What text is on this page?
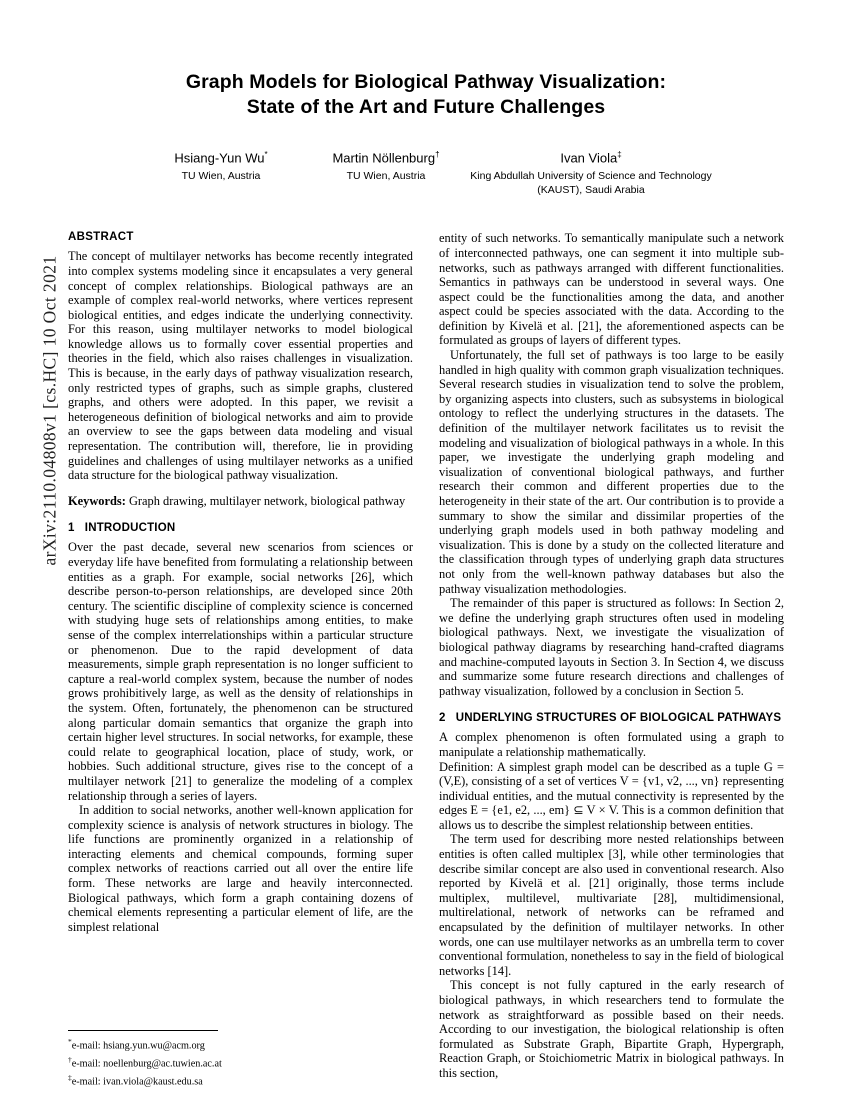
arXiv:2110.04808v1 [cs.HC] 10 Oct 2021
Graph Models for Biological Pathway Visualization:
State of the Art and Future Challenges
Hsiang-Yun Wu*
TU Wien, Austria
Martin Nöllenburg†
TU Wien, Austria
Ivan Viola‡
King Abdullah University of Science and Technology (KAUST), Saudi Arabia
ABSTRACT

The concept of multilayer networks has become recently integrated into complex systems modeling since it encapsulates a very general concept of complex relationships. Biological pathways are an example of complex real-world networks, where vertices represent biological entities, and edges indicate the underlying connectivity. For this reason, using multilayer networks to model biological knowledge allows us to formally cover essential properties and theories in the field, which also raises challenges in visualization. This is because, in the early days of pathway visualization research, only restricted types of graphs, such as simple graphs, clustered graphs, and others were adopted. In this paper, we revisit a heterogeneous definition of biological networks and aim to provide an overview to see the gaps between data modeling and visual representation. The contribution will, therefore, lie in providing guidelines and challenges of using multilayer networks as a unified data structure for the biological pathway visualization.

Keywords: Graph drawing, multilayer network, biological pathway
1 INTRODUCTION

Over the past decade, several new scenarios from sciences or everyday life have benefited from formulating a relationship between entities as a graph. For example, social networks [26], which describe person-to-person relationships, are developed since 20th century. The scientific discipline of complexity science is concerned with studying huge sets of relationships among entities, to make sense of the complex interrelationships within a particular structure or phenomenon. Due to the rapid development of data measurements, simple graph representation is no longer sufficient to capture a real-world complex system, because the number of nodes grows prohibitively large, as well as the density of relationships in the system. Often, fortunately, the phenomenon can be structured along particular domain semantics that organize the graph into certain higher level structures. In social networks, for example, these could relate to geographical location, place of study, work, or hobbies. Such additional structure, gives rise to the concept of a multilayer network [21] to generalize the modeling of a complex relationship through a series of layers.

In addition to social networks, another well-known application for complexity science is analysis of network structures in biology. The life functions are prominently organized in a relationship of interacting elements and chemical compounds, forming super complex networks of reactions carried out all over the entire life form. These networks are large and heavily interconnected. Biological pathways, which form a graph containing dozens of chemical elements representing a particular element of life, are the simplest relational

*e-mail: hsiang.yun.wu@acm.org
†e-mail: noellenburg@ac.tuwien.ac.at
‡e-mail: ivan.viola@kaust.edu.sa

entity of such networks. To semantically manipulate such a network of interconnected pathways, one can segment it into multiple sub-networks, such as pathways arranged with different functionalities. Semantics in pathways can be understood in several ways. One aspect could be the functionalities among the data, and another aspect could be species associated with the data. According to the definition by Kivelä et al. [21], the aforementioned aspects can be formulated as groups of layers of different types.

Unfortunately, the full set of pathways is too large to be easily handled in high quality with common graph visualization techniques. Several research studies in visualization tend to solve the problem, by organizing aspects into clusters, such as subsystems in biological ontology to reflect the underlying structures in the datasets. The definition of the multilayer network facilitates us to revisit the modeling and visualization of biological pathways in a whole. In this paper, we investigate the underlying graph modeling and visualization of conventional biological pathways, and further research their common and different properties due to the heterogeneity in their state of the art. Our contribution is to provide a summary to show the similar and dissimilar properties of the underlying graph models used in both pathway modeling and visualization. This is done by a study on the collected literature and the classification through types of underlying graph data structures not only from the well-known pathway databases but also the pathway visualization methodologies.

The remainder of this paper is structured as follows: In Section 2, we define the underlying graph structures often used in modeling biological pathways. Next, we investigate the visualization of biological pathway diagrams by researching hand-crafted diagrams and machine-computed layouts in Section 3. In Section 4, we discuss and summarize some future research directions and challenges of pathway visualization, followed by a conclusion in Section 5.

2 UNDERLYING STRUCTURES OF BIOLOGICAL PATHWAYS

A complex phenomenon is often formulated using a graph to manipulate a relationship mathematically.

Definition: A simplest graph model can be described as a tuple G = (V,E), consisting of a set of vertices V = {v1, v2, ..., vn} representing individual entities, and the mutual connectivity is represented by the edges E = {e1, e2, ..., em} ⊆ V × V. This is a common definition that allows us to describe the simplest relationship between entities.

The term used for describing more nested relationships between entities is often called multiplex [3], while other terminologies that describe similar concept are also used in conventional research. Also reported by Kivelä et al. [21] originally, those terms include multiplex, multilevel, multivariate [28], multidimensional, multirelational, network of networks can be reframed and encapsulated by the definition of multilayer networks. In other words, one can use multilayer networks as an umbrella term to cover conventional formulation, nonetheless to say in the field of biological networks [14].

This concept is not fully captured in the early research of biological pathways, in which researchers tend to formulate the network as straightforward as possible based on their needs. According to our investigation, the biological relationship is often formulated as Substrate Graph, Bipartite Graph, Hypergraph, Reaction Graph, or Stoichiometric Matrix in biological pathways. In this section,
